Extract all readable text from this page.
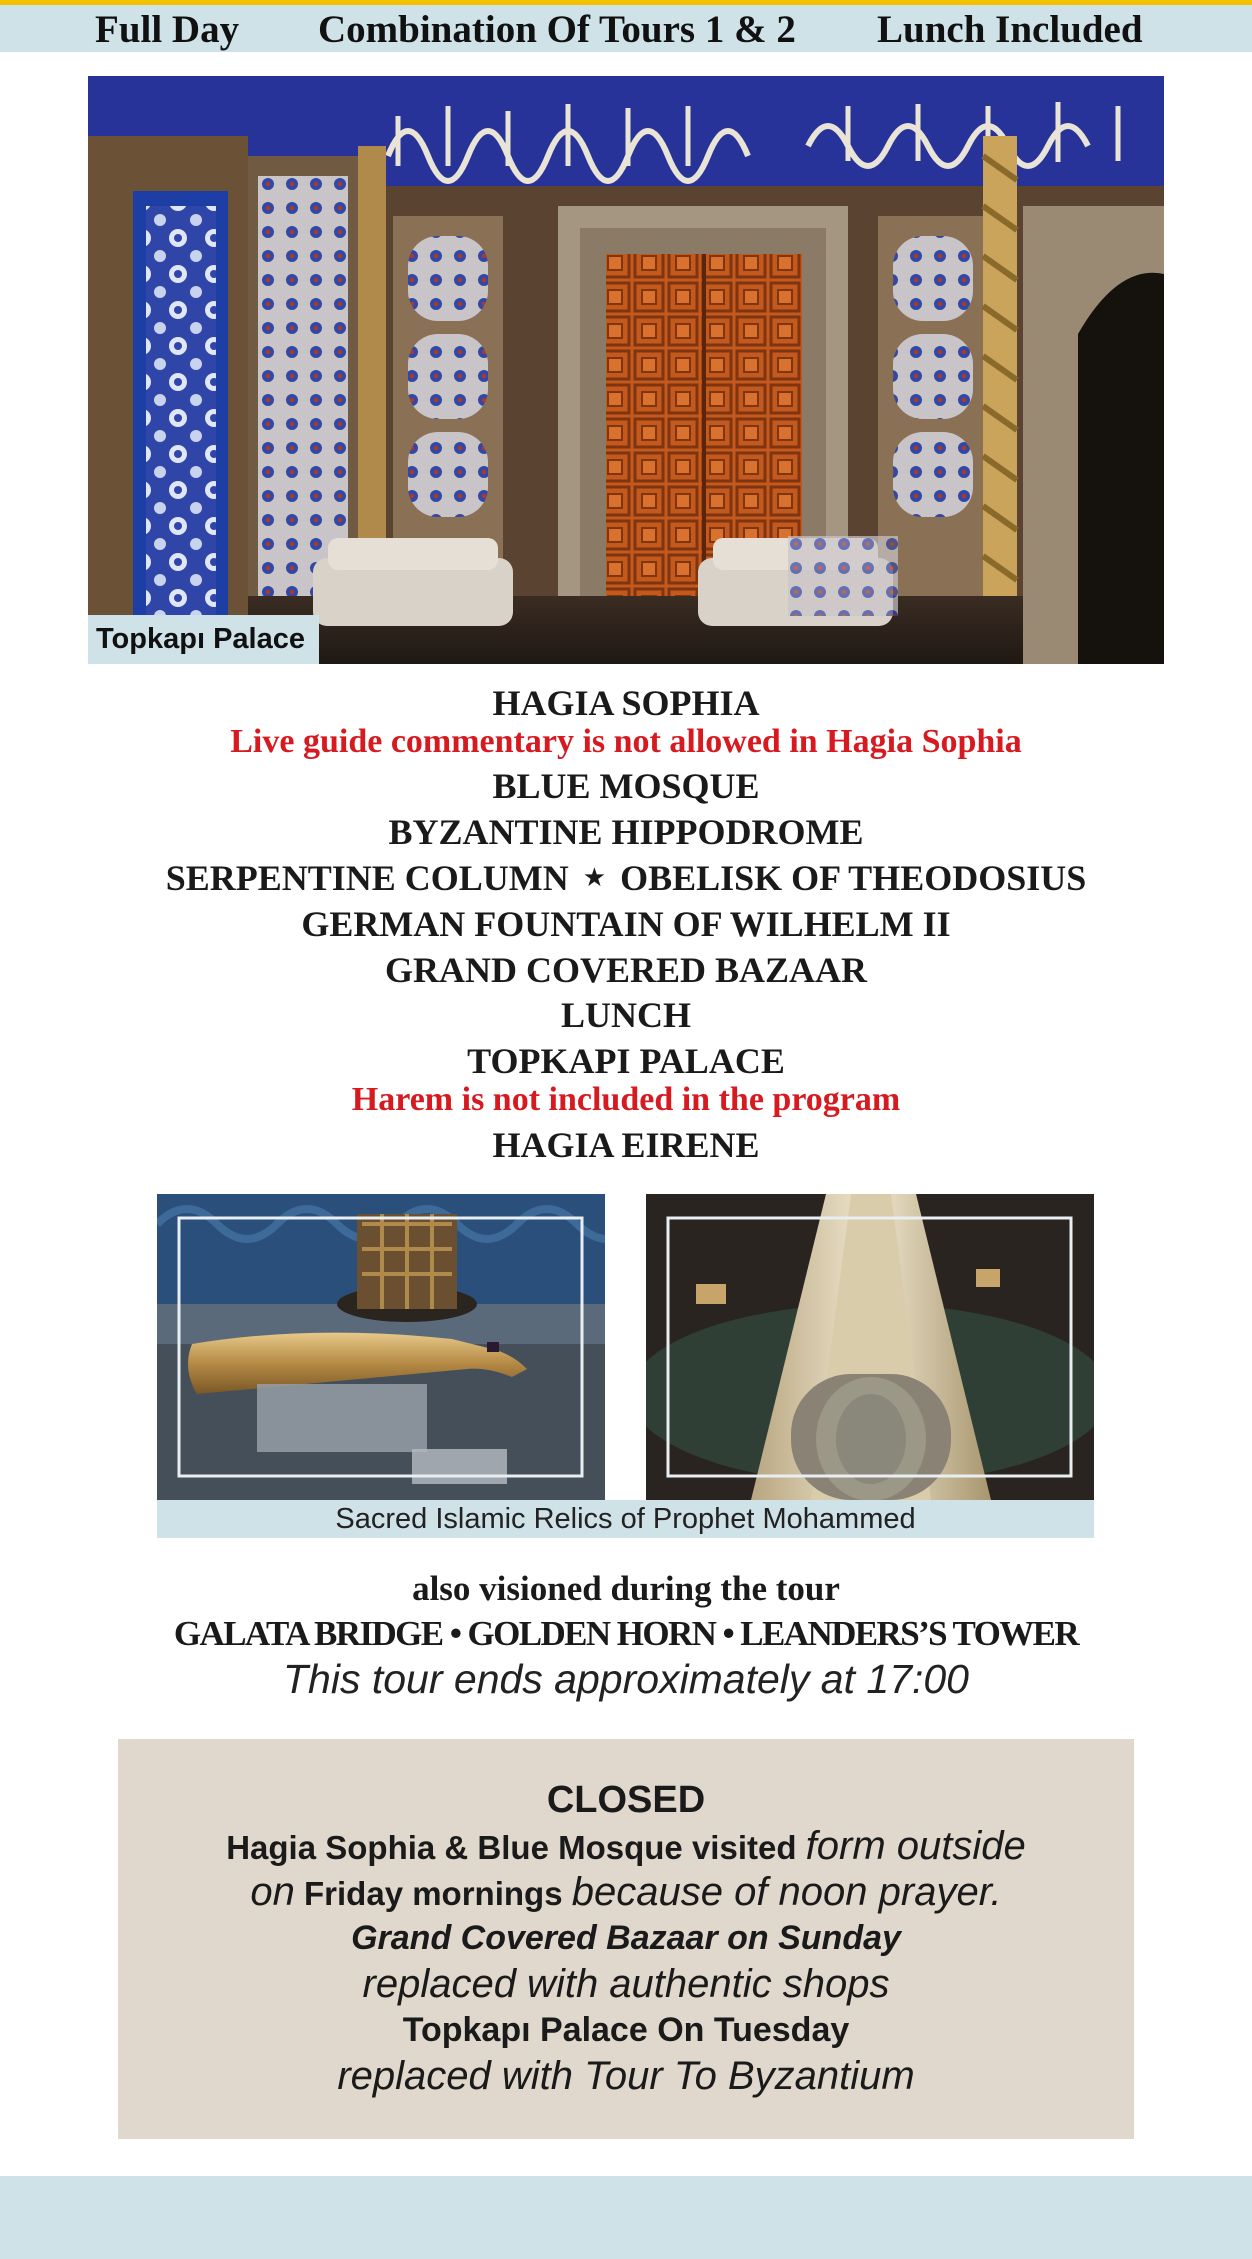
Full Day Combination Of Tours 1 & 2 Lunch Included
Topkapı Palace
HAGIA SOPHIA
Live guide commentary is not allowed in Hagia Sophia
BLUE MOSQUE
BYZANTINE HIPPODROME
SERPENTINE COLUMN ★ OBELISK OF THEODOSIUS
GERMAN FOUNTAIN OF WILHELM II
GRAND COVERED BAZAAR
LUNCH
TOPKAPI PALACE
Harem is not included in the program
HAGIA EIRENE
Sacred Islamic Relics of Prophet Mohammed
also visioned during the tour
GALATA BRIDGE • GOLDEN HORN • LEANDERS’S TOWER
This tour ends approximately at 17:00
CLOSED
Hagia Sophia & Blue Mosque visited form outside
on Friday mornings because of noon prayer.
Grand Covered Bazaar on Sunday
replaced with authentic shops
Topkapı Palace On Tuesday
replaced with Tour To Byzantium
